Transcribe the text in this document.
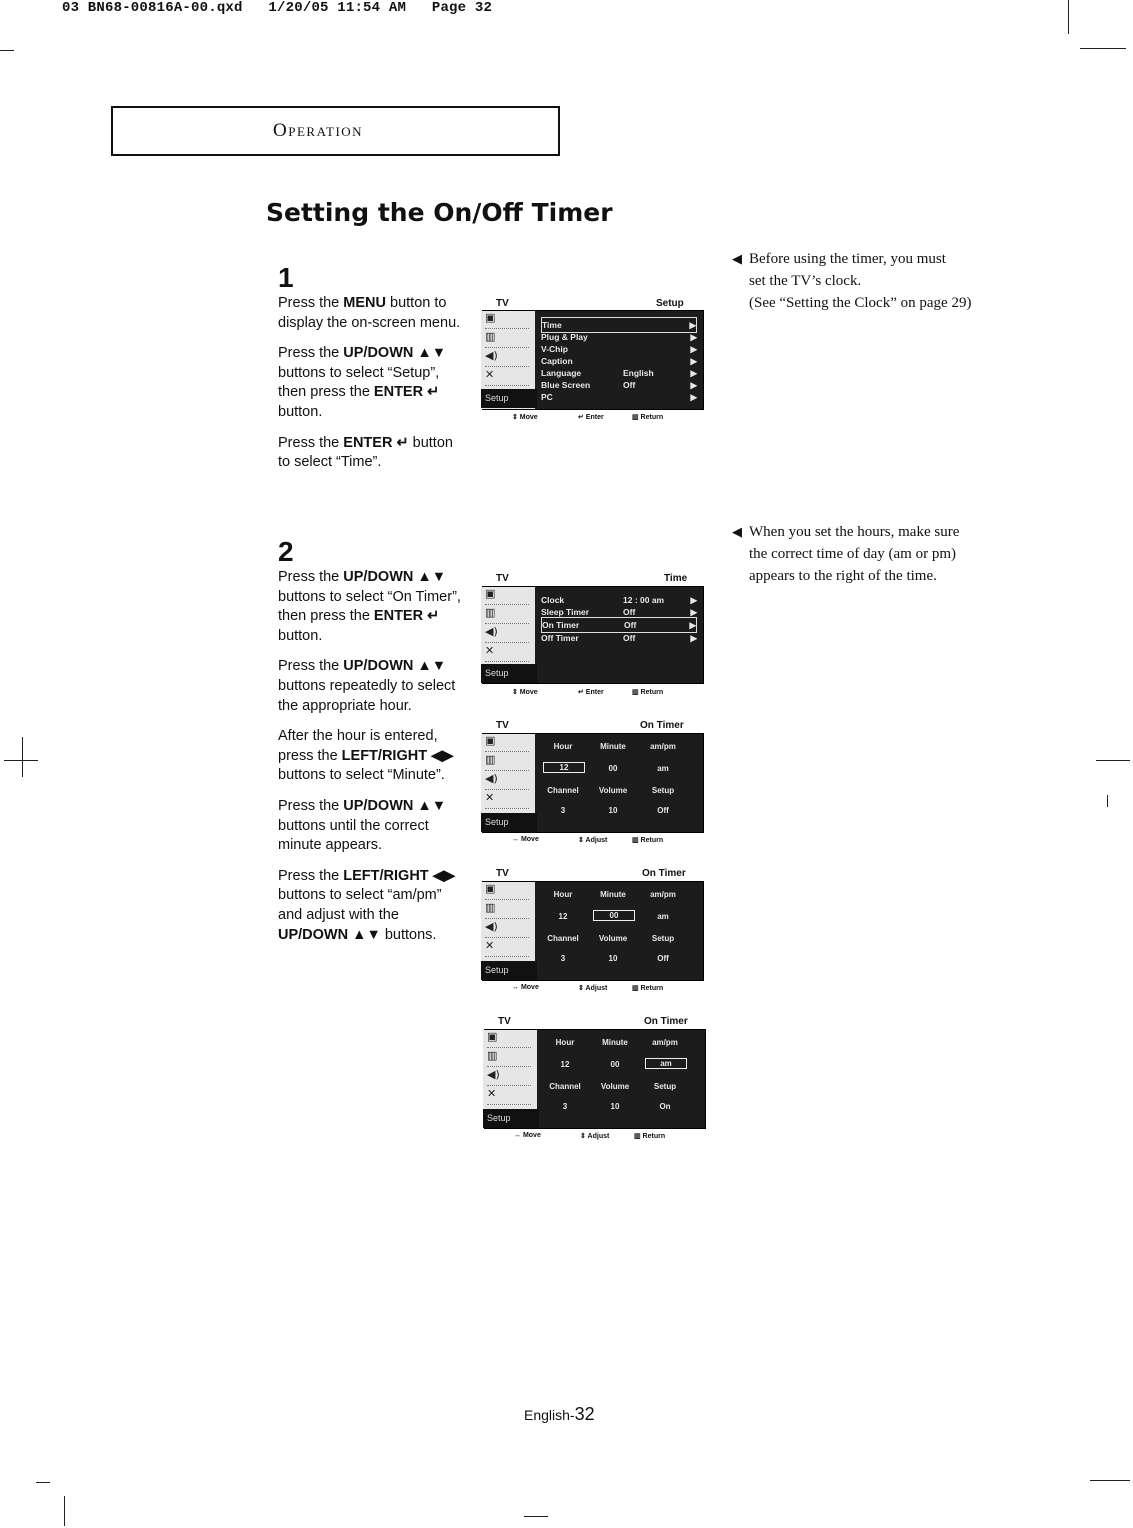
03 BN68-00816A-00.qxd   1/20/05 11:54 AM   Page 32
Operation
Setting the On/Off Timer
1

Press the MENU button to display the on-screen menu.

Press the UP/DOWN ▲▼ buttons to select “Setup”, then press the ENTER ↵ button.

Press the ENTER ↵ button to select “Time”.

2

Press the UP/DOWN ▲▼ buttons to select “On Timer”, then press the ENTER ↵ button.

Press the UP/DOWN ▲▼ buttons repeatedly to select the appropriate hour.

After the hour is entered, press the LEFT/RIGHT ◀▶ buttons to select “Minute”.

Press the UP/DOWN ▲▼ buttons until the correct minute appears.

Press the LEFT/RIGHT ◀▶ buttons to select “am/pm” and adjust with the UP/DOWN ▲▼ buttons.

◀ Before using the timer, you must
set the TV’s clock.
(See “Setting the Clock” on page 29)
◀ When you set the hours, make sure
the correct time of day (am or pm)
appears to the right of the time.
TV	Setup
▣
▥
◀)
✕
Setup
Time	▶
Plug & Play	▶
V-Chip	▶
Caption	▶
Language	English	▶
Blue Screen	Off	▶
PC	▶
⇕ Move	↵ Enter	▥ Return
TV	Time
▣
▥
◀)
✕
Setup
Clock	12 : 00 am	▶
Sleep Timer	Off	▶
On Timer	Off	▶
Off Timer	Off	▶
⇕ Move	↵ Enter	▥ Return
TV	On Timer
▣
▥
◀)
✕
Setup
Hour	Minute	am/pm
12	00	am
Channel	Volume	Setup
3	10	Off
↔ Move	⇕ Adjust	▥ Return
TV	On Timer
▣
▥
◀)
✕
Setup
Hour	Minute	am/pm
12	00	am
Channel	Volume	Setup
3	10	Off
↔ Move	⇕ Adjust	▥ Return
TV	On Timer
▣
▥
◀)
✕
Setup
Hour	Minute	am/pm
12	00	am
Channel	Volume	Setup
3	10	On
↔ Move	⇕ Adjust	▥ Return
English-32
